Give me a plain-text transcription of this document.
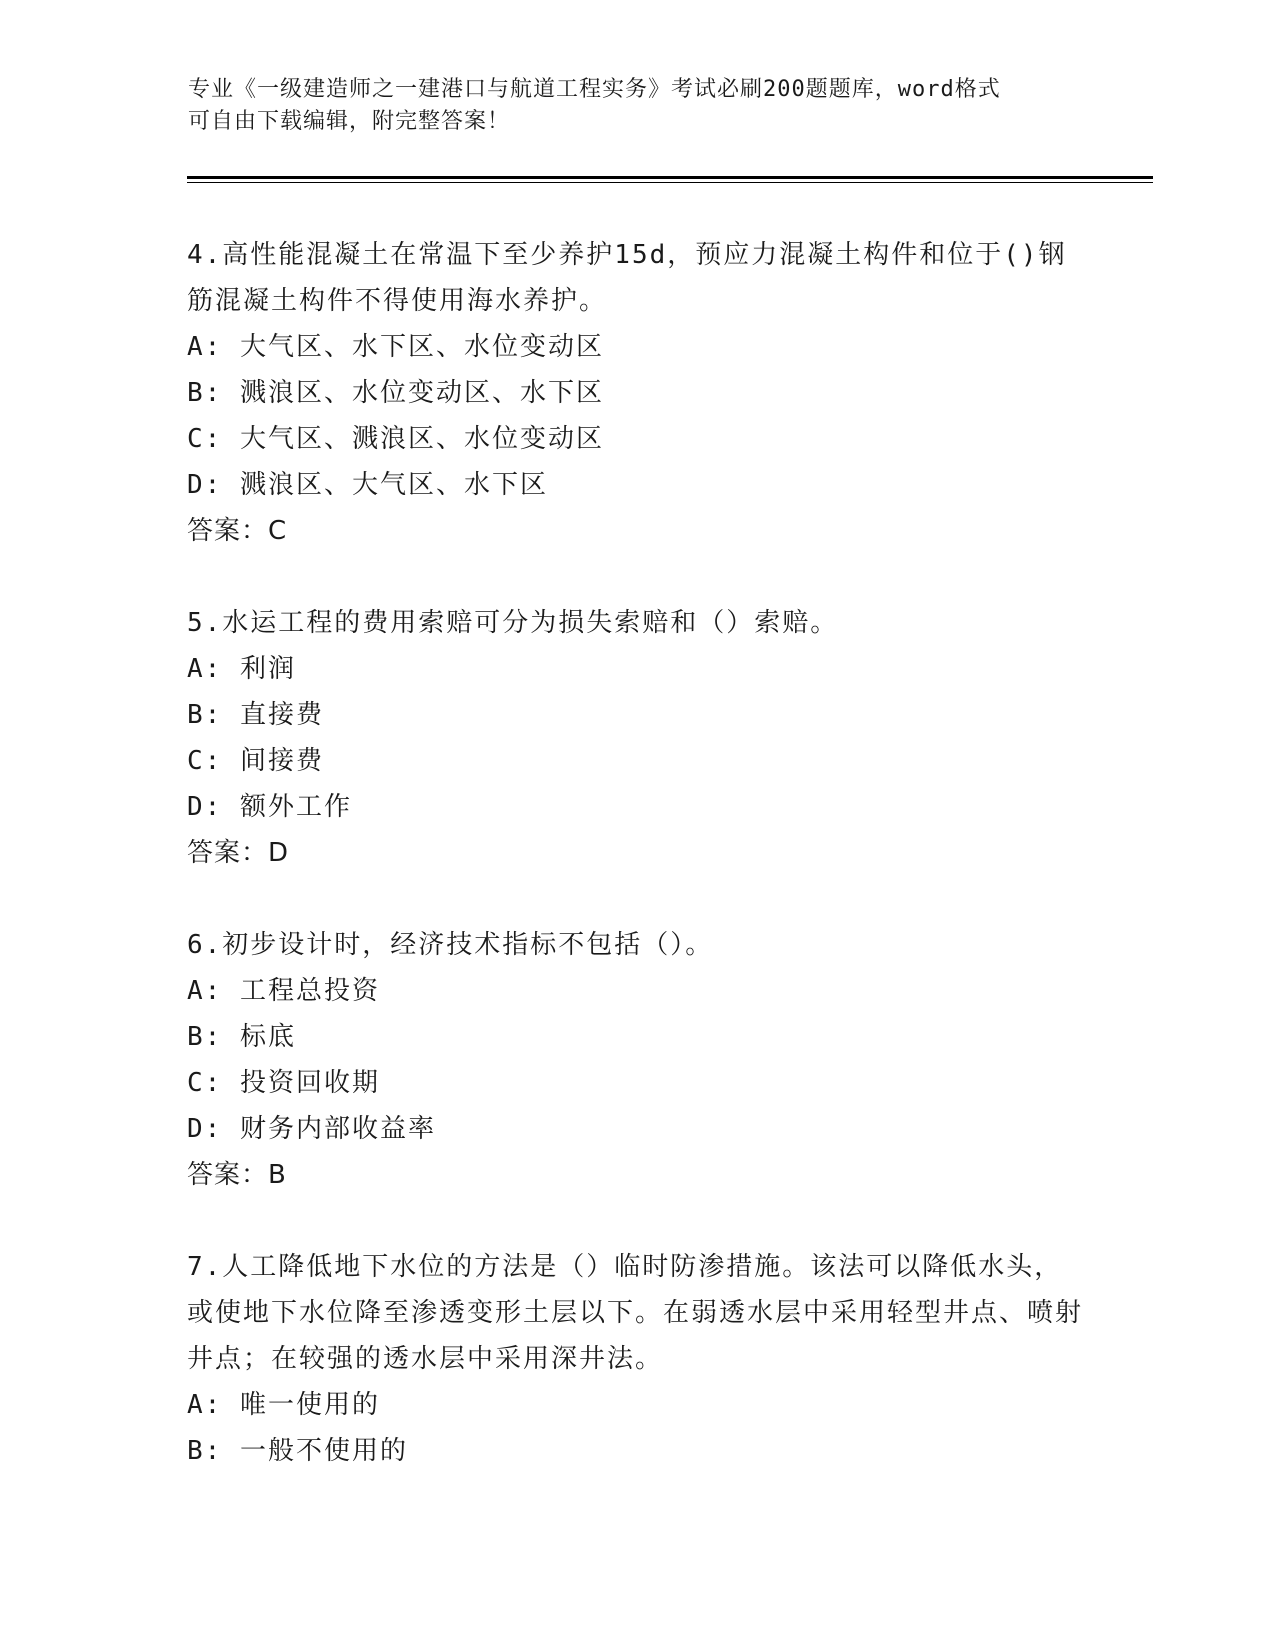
专业《一级建造师之一建港口与航道工程实务》考试必刷200题题库，word格式
可自由下载编辑，附完整答案！
4.高性能混凝土在常温下至少养护15d，预应力混凝土构件和位于()钢筋混凝土构件不得使用海水养护。
A: 大气区、水下区、水位变动区
B: 溅浪区、水位变动区、水下区
C: 大气区、溅浪区、水位变动区
D: 溅浪区、大气区、水下区
答案：C
5.水运工程的费用索赔可分为损失索赔和（）索赔。
A: 利润
B: 直接费
C: 间接费
D: 额外工作
答案：D
6.初步设计时，经济技术指标不包括（）。
A: 工程总投资
B: 标底
C: 投资回收期
D: 财务内部收益率
答案：B
7.人工降低地下水位的方法是（）临时防渗措施。该法可以降低水头，或使地下水位降至渗透变形土层以下。在弱透水层中采用轻型井点、喷射井点；在较强的透水层中采用深井法。
A: 唯一使用的
B: 一般不使用的
